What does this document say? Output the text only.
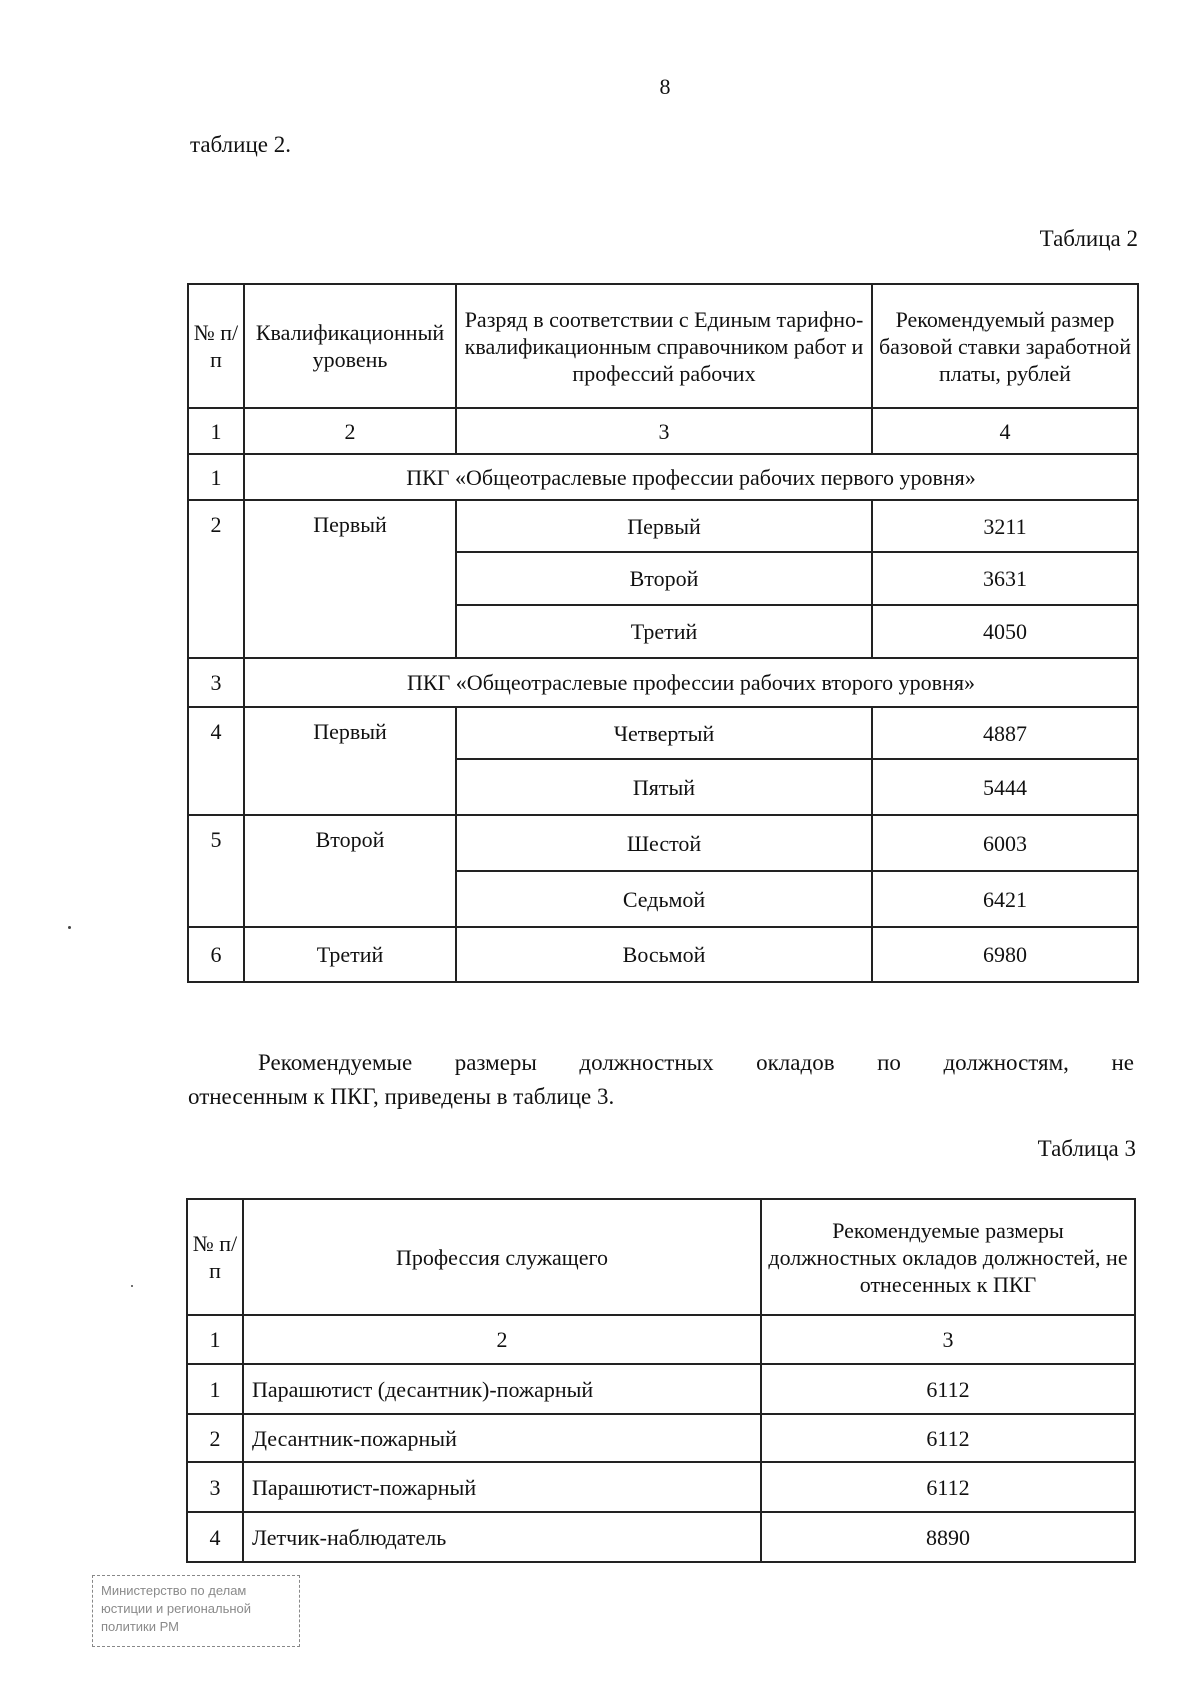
8
таблице 2.
Таблица 2
№ п/п	Квалификационный уровень	Разряд в соответствии с Единым тарифно-квалификационным справочником работ и профессий рабочих	Рекомендуемый размер базовой ставки заработной платы, рублей
1	2	3	4
1	ПКГ «Общеотраслевые профессии рабочих первого уровня»		
2	Первый	Первый	3211
		Второй	3631
		Третий	4050
3	ПКГ «Общеотраслевые профессии рабочих второго уровня»		
4	Первый	Четвертый	4887
		Пятый	5444
5	Второй	Шестой	6003
		Седьмой	6421
6	Третий	Восьмой	6980
Рекомендуемые размеры должностных окладов по должностям, не
отнесенным к ПКГ, приведены в таблице 3.
Таблица 3
№ п/п	Профессия служащего	Рекомендуемые размеры должностных окладов должностей, не отнесенных к ПКГ
1	2	3
1	Парашютист (десантник)-пожарный	6112
2	Десантник-пожарный	6112
3	Парашютист-пожарный	6112
4	Летчик-наблюдатель	8890
Министерство по делам
юстиции и региональной
политики РМ
